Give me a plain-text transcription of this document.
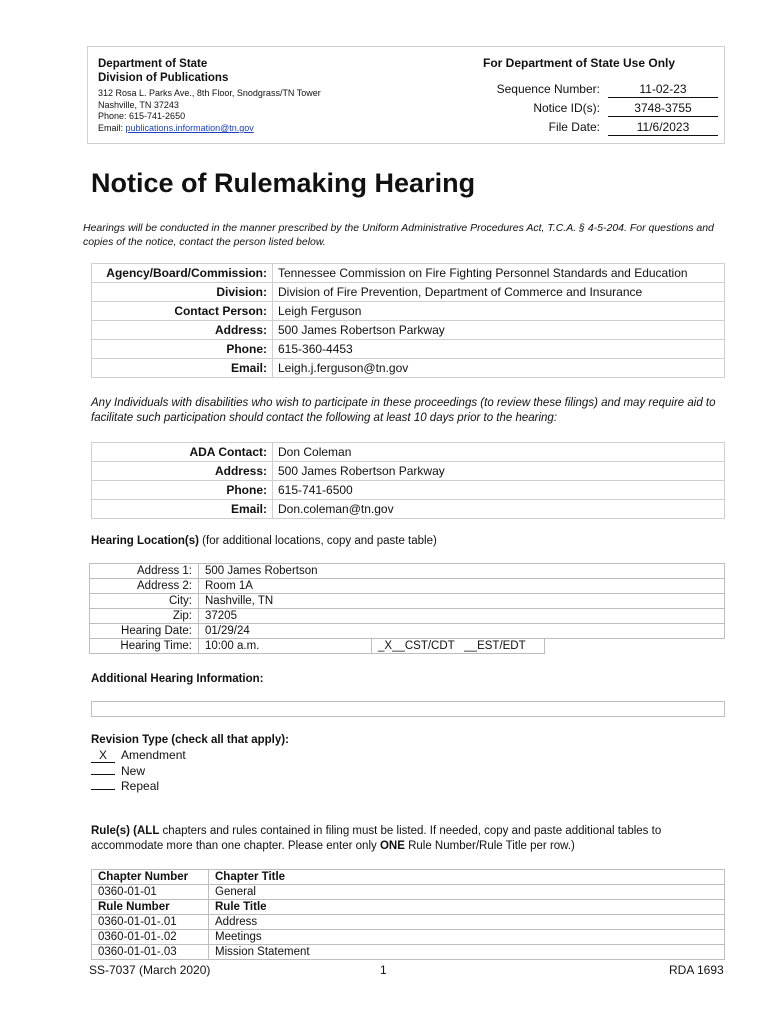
Department of State
Division of Publications
312 Rosa L. Parks Ave., 8th Floor, Snodgrass/TN Tower
Nashville, TN 37243
Phone: 615-741-2650
Email: publications.information@tn.gov
For Department of State Use Only
Sequence Number:	11-02-23
Notice ID(s):	3748-3755
File Date:	11/6/2023
Notice of Rulemaking Hearing
Hearings will be conducted in the manner prescribed by the Uniform Administrative Procedures Act, T.C.A. § 4-5-204. For questions and copies of the notice, contact the person listed below.
Agency/Board/Commission:	Tennessee Commission on Fire Fighting Personnel Standards and Education
Division:	Division of Fire Prevention, Department of Commerce and Insurance
Contact Person:	Leigh Ferguson
Address:	500 James Robertson Parkway
Phone:	615-360-4453
Email:	Leigh.j.ferguson@tn.gov
Any Individuals with disabilities who wish to participate in these proceedings (to review these filings) and may require aid to facilitate such participation should contact the following at least 10 days prior to the hearing:
ADA Contact:	Don Coleman
Address:	500 James Robertson Parkway
Phone:	615-741-6500
Email:	Don.coleman@tn.gov
Hearing Location(s) (for additional locations, copy and paste table)
Address 1:	500 James Robertson		
Address 2:	Room 1A		
City:	Nashville, TN		
Zip:	37205		
Hearing Date:	01/29/24		
Hearing Time:	10:00 a.m.	_X__CST/CDT __EST/EDT	
Additional Hearing Information:
Revision Type (check all that apply):
X Amendment
New
Repeal
Rule(s) (ALL chapters and rules contained in filing must be listed. If needed, copy and paste additional tables to accommodate more than one chapter. Please enter only ONE Rule Number/Rule Title per row.)
Chapter Number	Chapter Title
0360-01-01	General
Rule Number	Rule Title
0360-01-01-.01	Address
0360-01-01-.02	Meetings
0360-01-01-.03	Mission Statement
SS-7037 (March 2020)	1	RDA 1693
